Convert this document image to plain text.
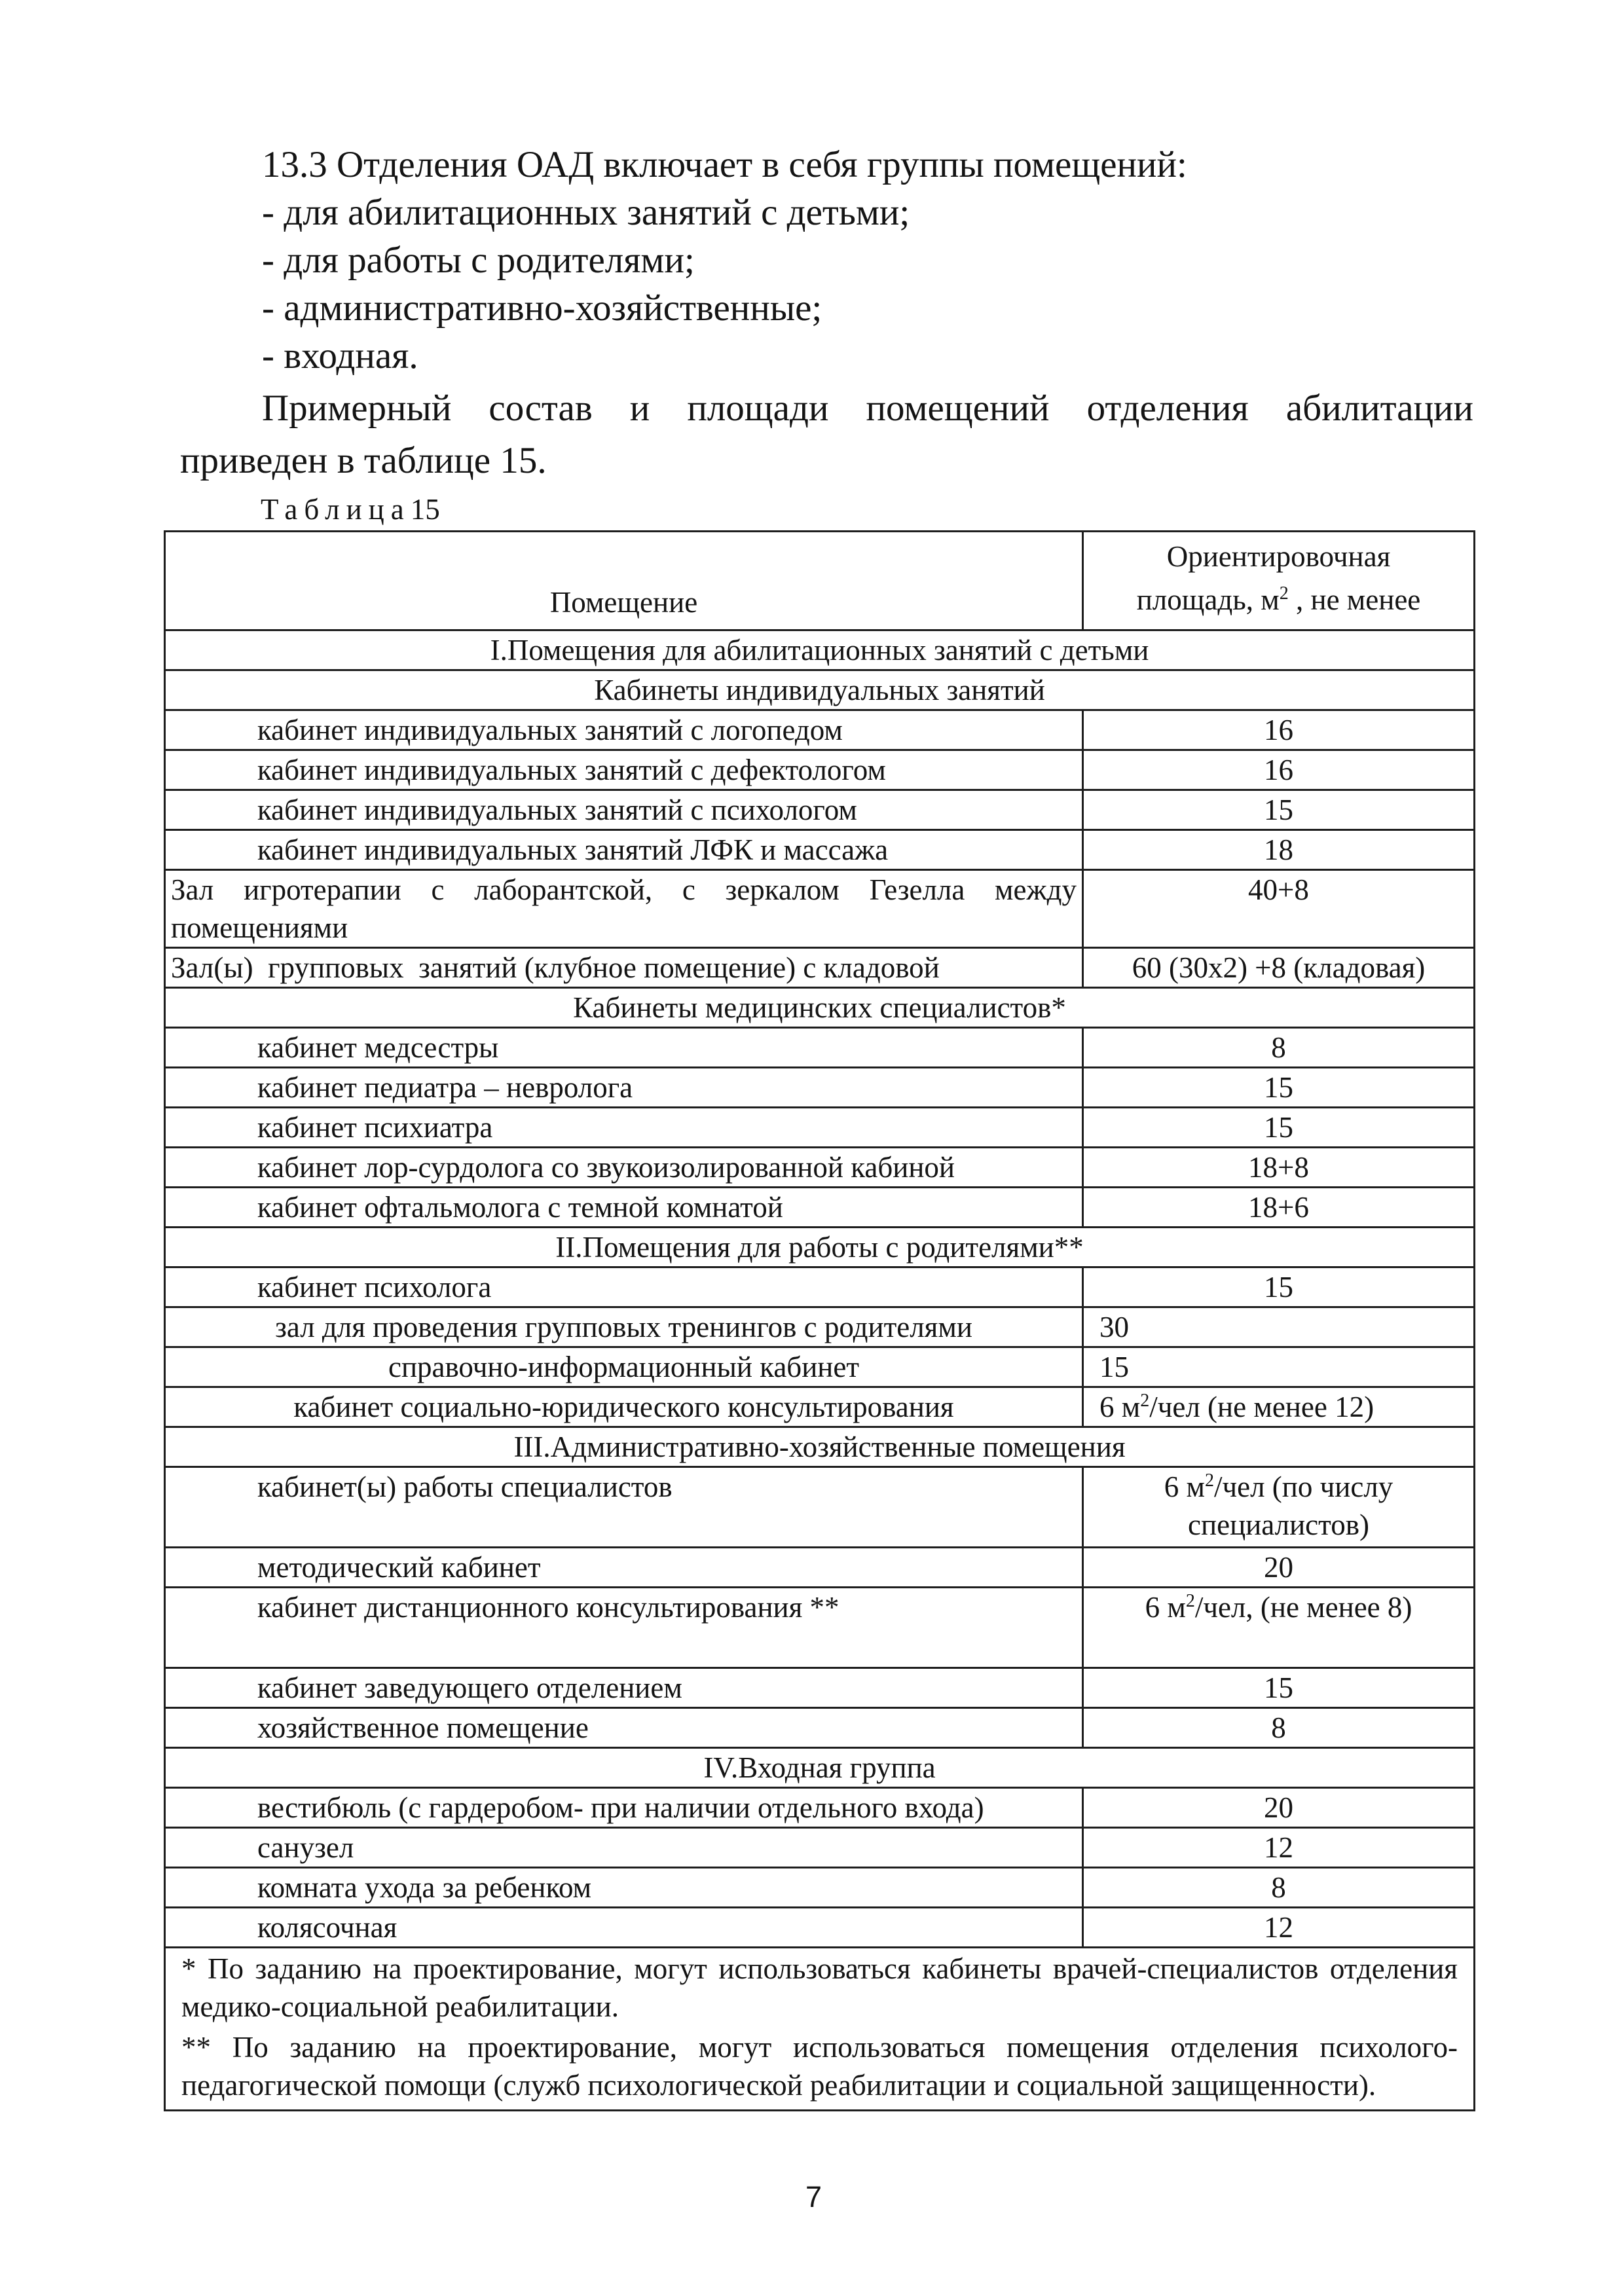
13.3 Отделения ОАД включает в себя группы помещений:
- для абилитационных занятий с детьми;
- для работы с родителями;
- административно-хозяйственные;
- входная.
Примерный состав и площади помещений отделения абилитации
приведен в таблице 15.
Таблица15
Помещение	Ориентировочная
площадь, $м^2$ , не менее
I.Помещения для абилитационных занятий с детьми	
Кабинеты индивидуальных занятий	
кабинет индивидуальных занятий с логопедом	16
кабинет индивидуальных занятий с дефектологом	16
кабинет индивидуальных занятий с психологом	15
кабинет индивидуальных занятий ЛФК и массажа	18
Зал игротерапии с лаборантской, с зеркалом Гезелла между помещениями	40+8
Зал(ы)  групповых  занятий (клубное помещение) с кладовой	60 (30х2) +8 (кладовая)
Кабинеты медицинских специалистов*	
кабинет медсестры	8
кабинет педиатра – невролога	15
кабинет психиатра	15
кабинет лор-сурдолога со звукоизолированной кабиной	18+8
кабинет офтальмолога с темной комнатой	18+6
II.Помещения для работы с родителями**	
кабинет психолога	15
зал для проведения групповых тренингов с родителями	30
справочно-информационный кабинет	15
кабинет социально-юридического консультирования	6 $м^2$/чел (не менее 12)
III.Административно-хозяйственные помещения	
кабинет(ы) работы специалистов	6 $м^2$/чел (по числу
специалистов)
методический кабинет	20
кабинет дистанционного консультирования **	6 $м^2$/чел, (не менее 8)
кабинет заведующего отделением	15
хозяйственное помещение	8
IV.Входная группа	
вестибюль (с гардеробом- при наличии отдельного входа)	20
санузел	12
комната ухода за ребенком	8
колясочная	12

* По заданию на проектирование, могут использоваться кабинеты врачей-специалистов отделения медико-социальной реабилитации.

** По заданию на проектирование, могут использоваться помещения отделения психолого-педагогической помощи (служб психологической реабилитации и социальной защищенности).	

7
